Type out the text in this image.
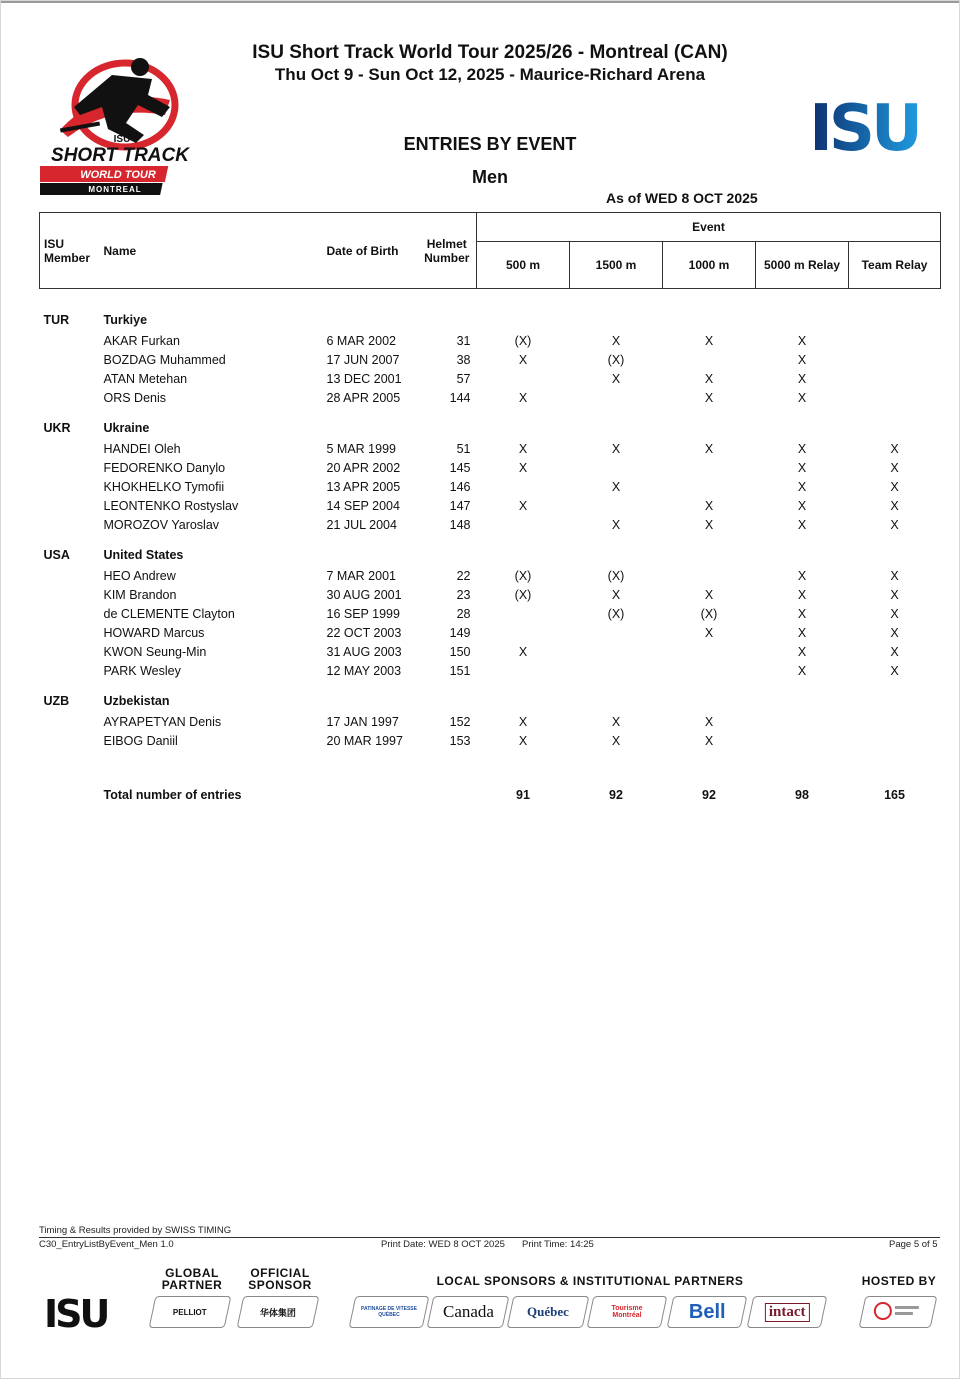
ISU
SHORT TRACK
WORLD TOUR
MONTREAL
ISU
ISU Short Track World Tour 2025/26 - Montreal (CAN)
Thu Oct 9 - Sun Oct 12, 2025 - Maurice-Richard Arena
ENTRIES BY EVENT
Men
As of WED 8 OCT 2025
ISU
Member	Name	Date of Birth	Helmet
Number	Event				
				500 m	1500 m	1000 m	5000 m Relay	Team Relay

TUR	Turkiye							
	AKAR Furkan	6 MAR 2002	31	(X)	X	X	X	
	BOZDAG Muhammed	17 JUN 2007	38	X	(X)		X	
	ATAN Metehan	13 DEC 2001	57		X	X	X	
	ORS Denis	28 APR 2005	144	X		X	X	
UKR	Ukraine							
	HANDEI Oleh	5 MAR 1999	51	X	X	X	X	X
	FEDORENKO Danylo	20 APR 2002	145	X			X	X
	KHOKHELKO Tymofii	13 APR 2005	146		X		X	X
	LEONTENKO Rostyslav	14 SEP 2004	147	X		X	X	X
	MOROZOV Yaroslav	21 JUL 2004	148		X	X	X	X
USA	United States							
	HEO Andrew	7 MAR 2001	22	(X)	(X)		X	X
	KIM Brandon	30 AUG 2001	23	(X)	X	X	X	X
	de CLEMENTE Clayton	16 SEP 1999	28		(X)	(X)	X	X
	HOWARD Marcus	22 OCT 2003	149			X	X	X
	KWON Seung-Min	31 AUG 2003	150	X			X	X
	PARK Wesley	12 MAY 2003	151				X	X
UZB	Uzbekistan							
	AYRAPETYAN Denis	17 JAN 1997	152	X	X	X		
	EIBOG Daniil	20 MAR 1997	153	X	X	X		

	Total number of entries			91	92	92	98	165
Timing & Results provided by SWISS TIMING
C30_EntryListByEvent_Men 1.0	Print Date: WED 8 OCT 2025 Print Time: 14:25	Page 5 of 5
ISU
GLOBAL
PARTNER
OFFICIAL
SPONSOR	LOCAL SPONSORS & INSTITUTIONAL PARTNERS	HOSTED BY
PELLIOT	华体集团	PATINAGE DE VITESSE QUÉBEC	Canada	Québec	Tourisme Montréal	Bell	intact
